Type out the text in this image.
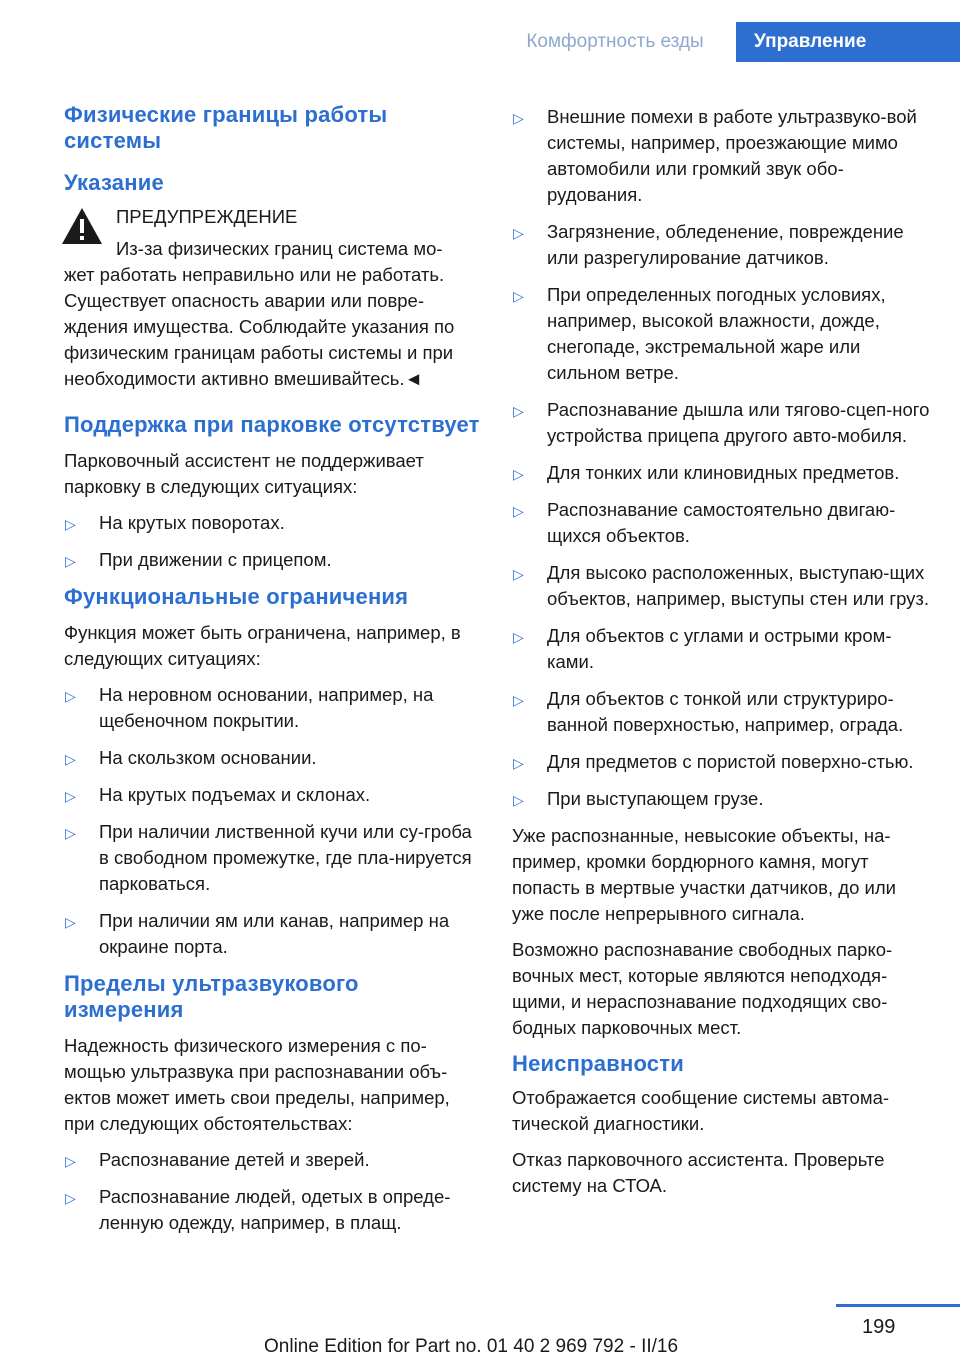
Комфортность езды	Управление
Физические границы работы системы
Указание
ПРЕДУПРЕЖДЕНИЕ

Из-за физических границ система мо-
жет работать неправильно или не работать. Существует опасность аварии или повре-ждения имущества. Соблюдайте указания по физическим границам работы системы и при необходимости активно вмешивайтесь.◄

Поддержка при парковке отсутствует

Парковочный ассистент не поддерживает парковку в следующих ситуациях:

▷ На крутых поворотах.
▷ При движении с прицепом.
Функциональные ограничения

Функция может быть ограничена, например, в следующих ситуациях:

▷ На неровном основании, например, на щебеночном покрытии.
▷ На скользком основании.
▷ На крутых подъемах и склонах.
▷ При наличии лиственной кучи или су-гроба в свободном промежутке, где пла-нируется парковаться.
▷ При наличии ям или канав, например на окраине порта.
Пределы ультразвукового измерения

Надежность физического измерения с по-мощью ультразвука при распознавании объ-ектов может иметь свои пределы, например, при следующих обстоятельствах:

▷ Распознавание детей и зверей.
▷ Распознавание людей, одетых в опреде-ленную одежду, например, в плащ.
▷ Внешние помехи в работе ультразвуко-вой системы, например, проезжающие мимо автомобили или громкий звук обо-рудования.
▷ Загрязнение, обледенение, повреждение или разрегулирование датчиков.
▷ При определенных погодных условиях, например, высокой влажности, дожде, снегопаде, экстремальной жаре или сильном ветре.
▷ Распознавание дышла или тягово-сцеп-ного устройства прицепа другого авто-мобиля.
▷ Для тонких или клиновидных предметов.
▷ Распознавание самостоятельно двигаю-щихся объектов.
▷ Для высоко расположенных, выступаю-щих объектов, например, выступы стен или груз.
▷ Для объектов с углами и острыми кром-ками.
▷ Для объектов с тонкой или структуриро-ванной поверхностью, например, ограда.
▷ Для предметов с пористой поверхно-стью.
▷ При выступающем грузе.

Уже распознанные, невысокие объекты, на-пример, кромки бордюрного камня, могут попасть в мертвые участки датчиков, до или уже после непрерывного сигнала.

Возможно распознавание свободных парко-вочных мест, которые являются неподходя-щими, и нераспознавание подходящих сво-бодных парковочных мест.

Неисправности

Отображается сообщение системы автома-тической диагностики.

Отказ парковочного ассистента. Проверьте систему на СТОА.

199
Online Edition for Part no. 01 40 2 969 792 - II/16
